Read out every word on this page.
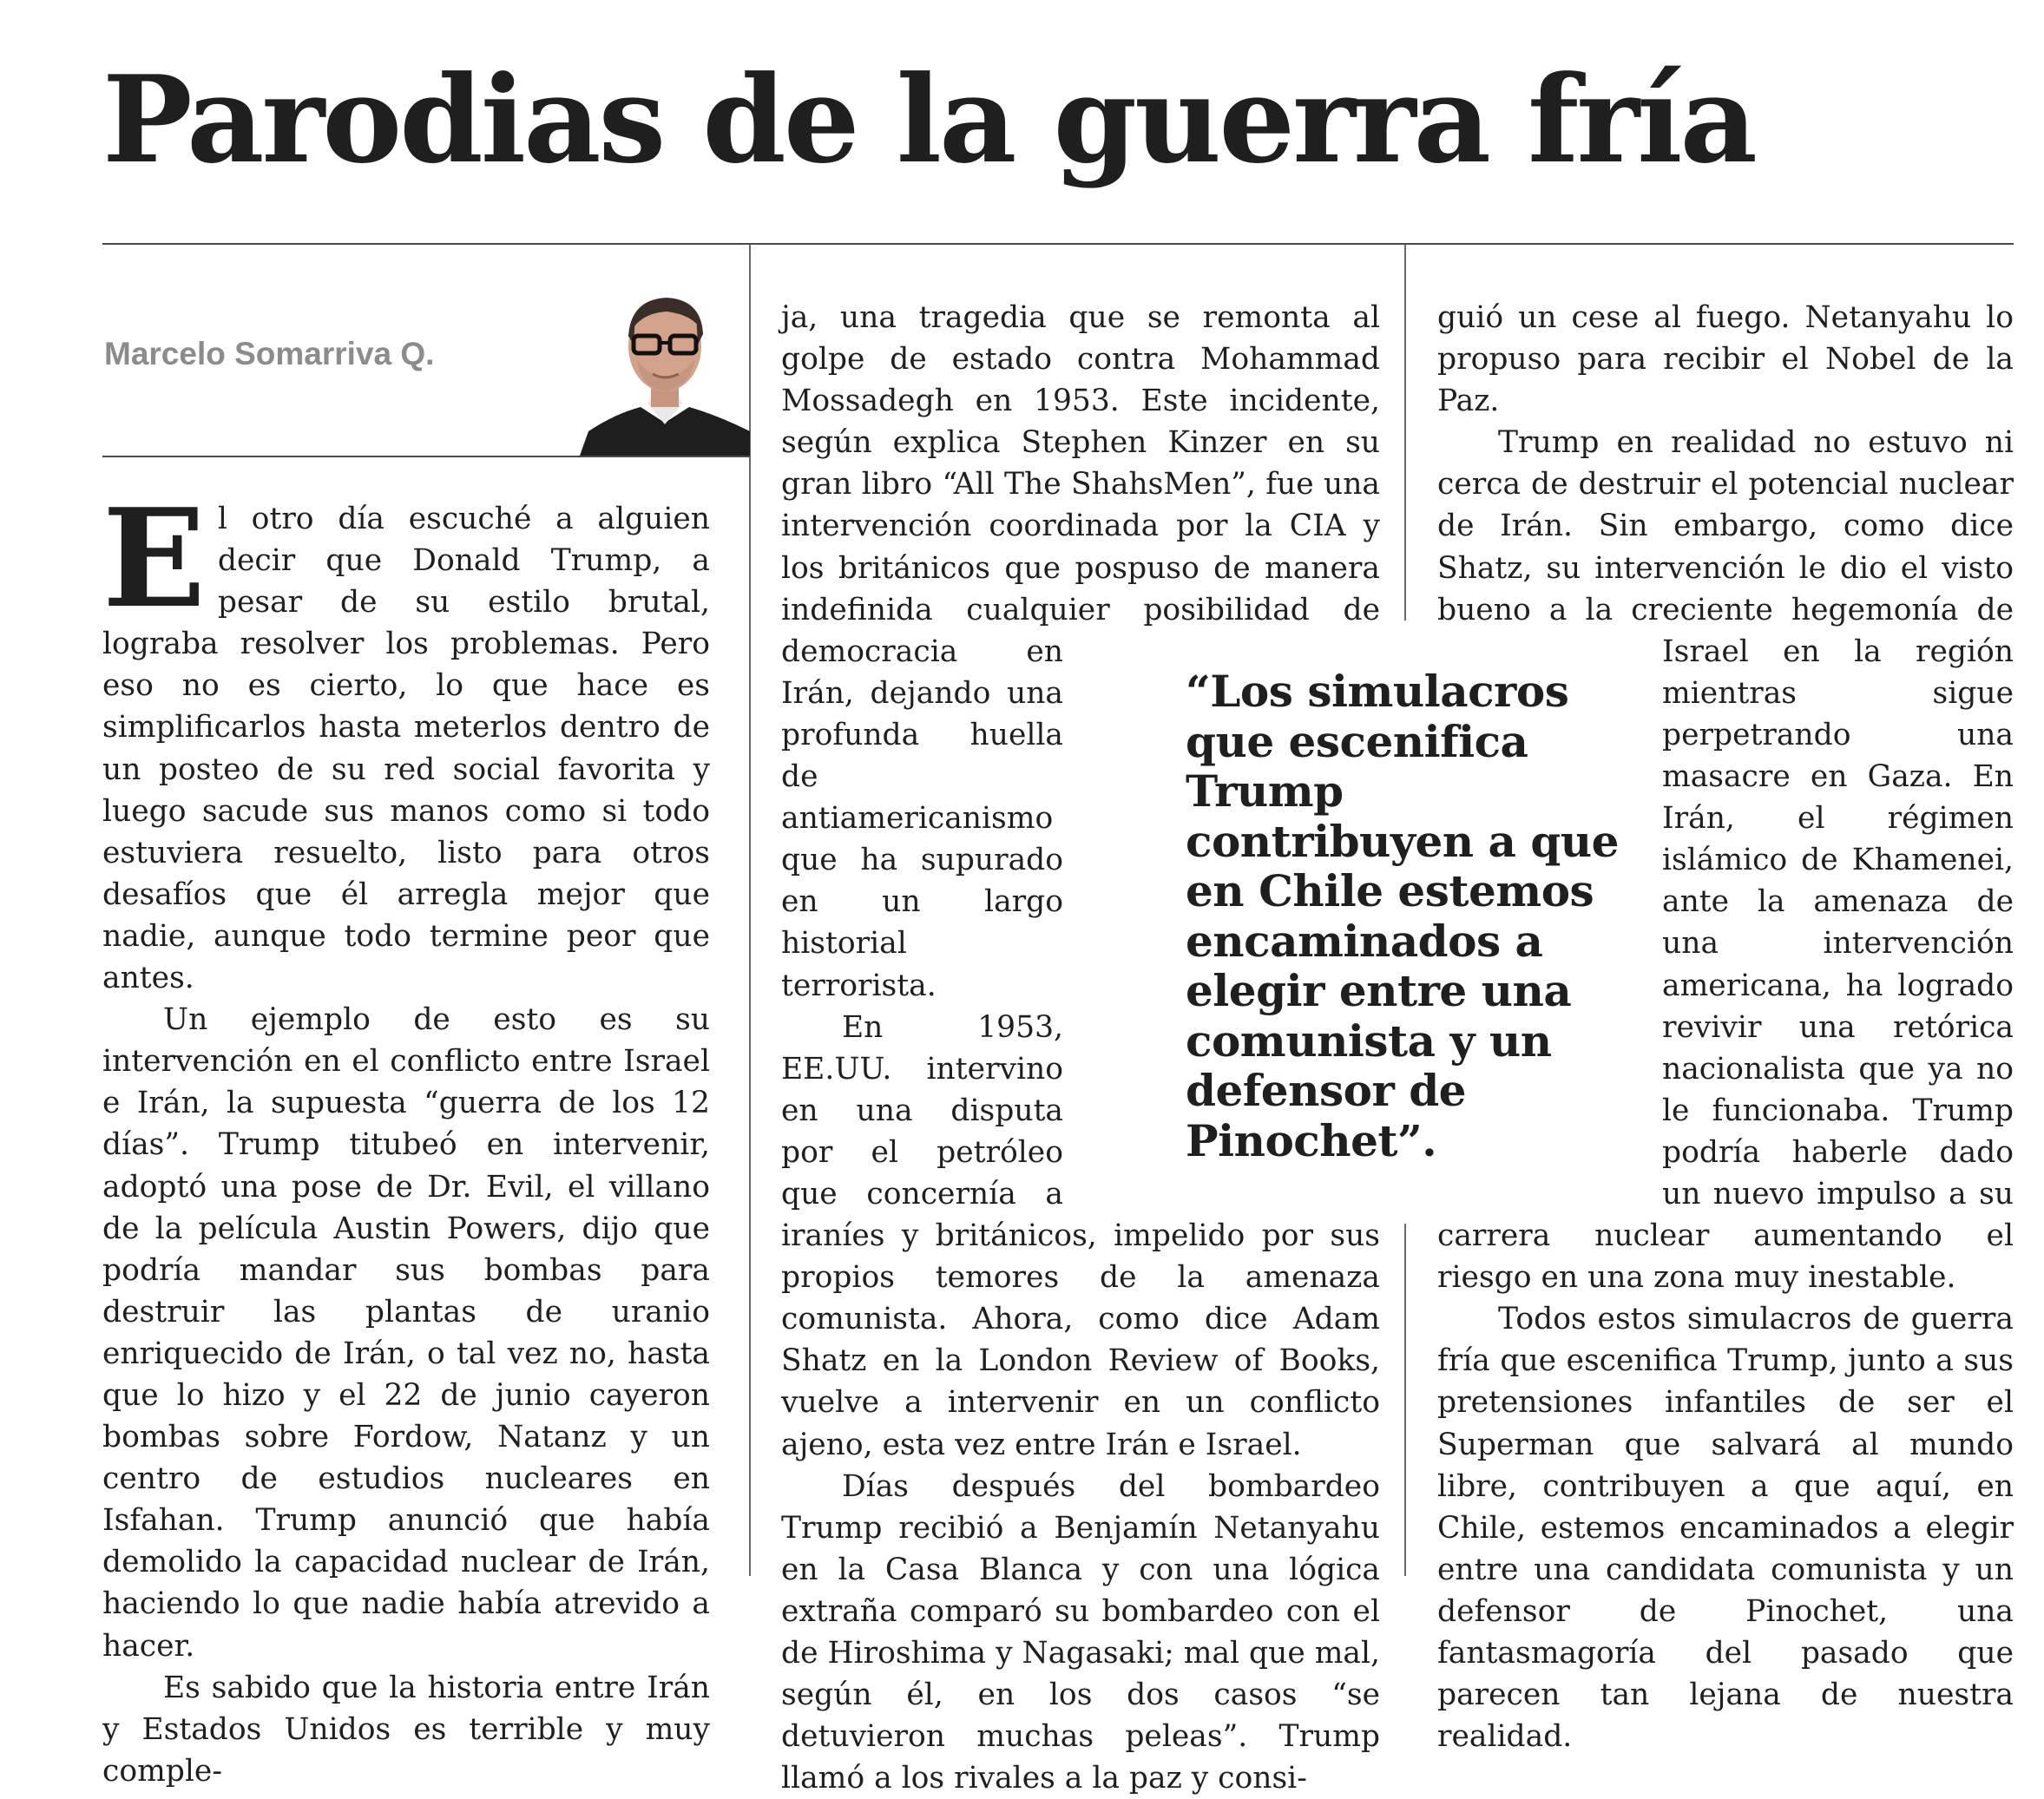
Parodias de la guerra fría
Marcelo Somarriva Q.

El otro día escuché a alguien decir que Donald Trump, a pesar de su estilo brutal, lograba resolver los problemas. Pero eso no es cierto, lo que hace es simplificarlos hasta meterlos dentro de un posteo de su red social favorita y luego sacude sus manos como si todo estuviera resuelto, listo para otros desafíos que él arregla mejor que nadie, aunque todo termine peor que antes.

Un ejemplo de esto es su intervención en el conflicto entre Israel e Irán, la supuesta “guerra de los 12 días”. Trump titubeó en intervenir, adoptó una pose de Dr. Evil, el villano de la película Austin Powers, dijo que podría mandar sus bombas para destruir las plantas de uranio enriquecido de Irán, o tal vez no, hasta que lo hizo y el 22 de junio cayeron bombas sobre Fordow, Natanz y un centro de estudios nucleares en Isfahan. Trump anunció que había demolido la capacidad nuclear de Irán, haciendo lo que nadie había atrevido a hacer.

Es sabido que la historia entre Irán y Estados Unidos es terrible y muy comple-

ja, una tragedia que se remonta al golpe de estado contra Mohammad Mossadegh en 1953. Este incidente, según explica Stephen Kinzer en su gran libro “All The ShahsMen”, fue una intervención coordinada por la CIA y los británicos que pospuso de manera indefinida cualquier posibilidad de democracia en Irán, dejando una profunda huella de antiamericanismo que ha supurado en un largo historial terrorista.

En 1953, EE.UU. intervino en una disputa por el petróleo que concernía a iraníes y británicos, impelido por sus propios temores de la amenaza comunista. Ahora, como dice Adam Shatz en la London Review of Books, vuelve a intervenir en un conflicto ajeno, esta vez entre Irán e Israel.

Días después del bombardeo Trump recibió a Benjamín Netanyahu en la Casa Blanca y con una lógica extraña comparó su bombardeo con el de Hiroshima y Nagasaki; mal que mal, según él, en los dos casos “se detuvieron muchas peleas”. Trump llamó a los rivales a la paz y consi-

guió un cese al fuego. Netanyahu lo propuso para recibir el Nobel de la Paz.

Trump en realidad no estuvo ni cerca de destruir el potencial nuclear de Irán. Sin embargo, como dice Shatz, su intervención le dio el visto bueno a la creciente hegemonía de Israel en la región mientras sigue perpetrando una masacre en Gaza. En Irán, el régimen islámico de Khamenei, ante la amenaza de una intervención americana, ha logrado revivir una retórica nacionalista que ya no le funcionaba. Trump podría haberle dado un nuevo impulso a su carrera nuclear aumentando el riesgo en una zona muy inestable.

Todos estos simulacros de guerra fría que escenifica Trump, junto a sus pretensiones infantiles de ser el Superman que salvará al mundo libre, contribuyen a que aquí, en Chile, estemos encaminados a elegir entre una candidata comunista y un defensor de Pinochet, una fantasmagoría del pasado que parecen tan lejana de nuestra realidad.

“Los simulacros que escenifica Trump contribuyen a que en Chile estemos encaminados a elegir entre una comunista y un defensor de Pinochet”.
